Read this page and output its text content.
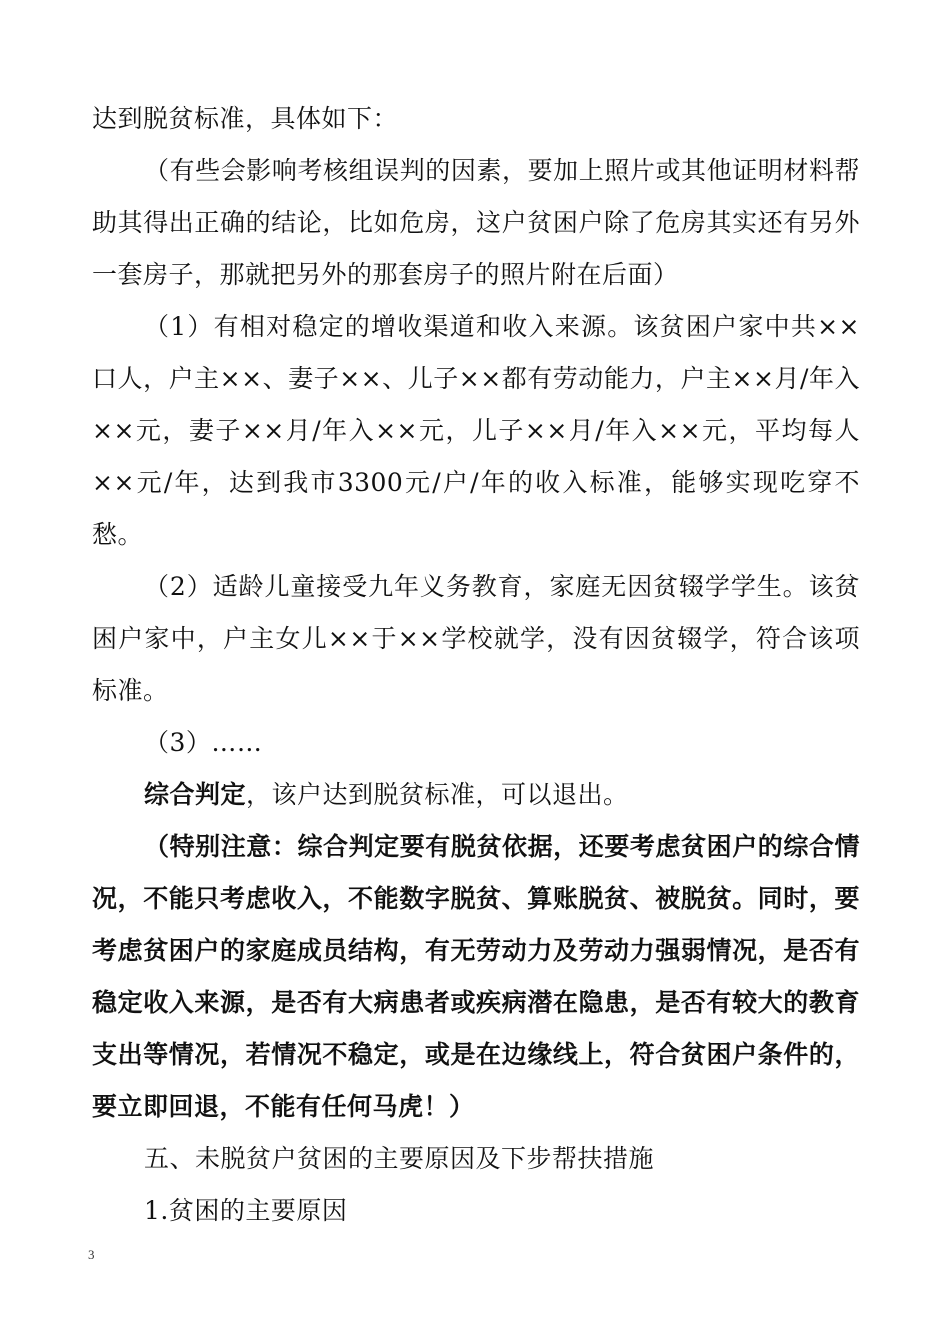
达到脱贫标准，具体如下：

（有些会影响考核组误判的因素，要加上照片或其他证明材料帮助其得出正确的结论，比如危房，这户贫困户除了危房其实还有另外一套房子，那就把另外的那套房子的照片附在后面）

（1）有相对稳定的增收渠道和收入来源。该贫困户家中共××口人，户主××、妻子××、儿子××都有劳动能力，户主××月/年入××元，妻子××月/年入××元，儿子××月/年入××元，平均每人××元/年，达到我市3300元/户/年的收入标准，能够实现吃穿不愁。

（2）适龄儿童接受九年义务教育，家庭无因贫辍学学生。该贫困户家中，户主女儿××于××学校就学，没有因贫辍学，符合该项标准。

（3）……

综合判定，该户达到脱贫标准，可以退出。

（特别注意：综合判定要有脱贫依据，还要考虑贫困户的综合情况，不能只考虑收入，不能数字脱贫、算账脱贫、被脱贫。同时，要考虑贫困户的家庭成员结构，有无劳动力及劳动力强弱情况，是否有稳定收入来源，是否有大病患者或疾病潜在隐患，是否有较大的教育支出等情况，若情况不稳定，或是在边缘线上，符合贫困户条件的，要立即回退，不能有任何马虎！）

五、未脱贫户贫困的主要原因及下步帮扶措施

1.贫困的主要原因

3
